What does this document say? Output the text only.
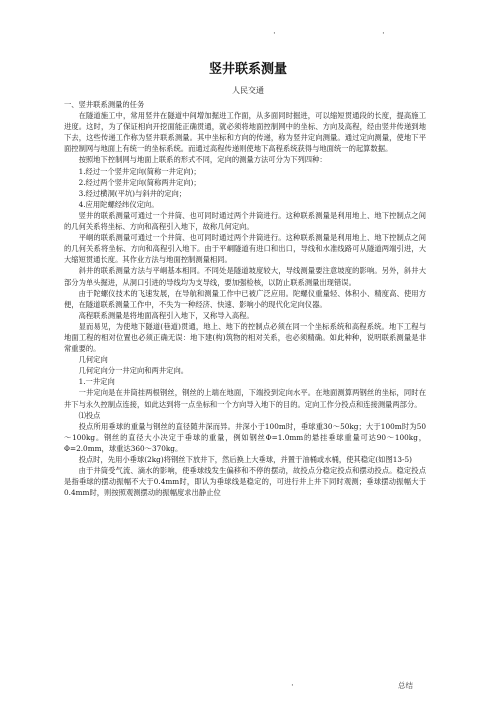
·	·
竖井联系测量
人民交通

一、竖井联系测量的任务

在隧道施工中，常用竖井在隧道中间增加掘进工作面，从多面同时掘进，可以缩短贯通段的长度，提高施工进度。这时，为了保证相向开挖面能正确贯通，就必须将地面控制网中的坐标、方向及高程，经由竖井传递到地下去，这些传递工作称为竖井联系测量。其中坐标和方向的传递，称为竖井定向测量。通过定向测量，使地下平面控制网与地面上有统一的坐标系统。而通过高程传递则使地下高程系统获得与地面统一的起算数据。

按照地下控制网与地面上联系的形式不同，定向的测量方法可分为下列四种：

1.经过一个竖井定向(简称一井定向)；

2.经过两个竖井定向(简称两井定向)；

3.经过横洞(平坑)与斜井的定向；

4.应用陀螺经纬仪定向。

竖井的联系测量可通过一个井筒、也可同时通过两个井筒进行。这种联系测量是利用地上、地下控制点之间的几何关系将坐标、方向和高程引入地下，故称几何定向。

平峒的联系测量可通过一个井筒、也可同时通过两个井筒进行。这种联系测量是利用地上、地下控制点之间的几何关系将坐标、方向和高程引入地下。由于平峒隧道有进口和出口，导线和水准线路可从隧道两端引进，大大缩短贯通长度。其作业方法与地面控制测量相同。

斜井的联系测量方法与平峒基本相同。不同处是隧道坡度较大，导线测量要注意坡度的影响。另外，斜井大部分为单头掘进，从洞口引进的导线均为支导线，要加强检核，以防止联系测量出现错误。

由于陀螺仪技术的飞速发展，在导航和测量工作中已被广泛应用。陀螺仪重量轻、体积小、精度高、使用方便，在隧道联系测量工作中，不失为一种经济、快速、影响小的现代化定向仪器。

高程联系测量是将地面高程引入地下，又称导入高程。

显而易见，为使地下隧道(巷道)贯通，地上、地下的控制点必须在同一个坐标系统和高程系统。地下工程与地面工程的相对位置也必须正确无误：地下建(构)筑物的相对关系，也必须精确。如此种种，说明联系测量是非常重要的。

几何定向

几何定向分一井定向和两井定向。

1.一井定向

一井定向是在井筒挂两根钢丝，钢丝的上端在地面，下端投到定向水平。在地面测算两钢丝的坐标，同时在井下与永久控制点连接，如此达到将一点坐标和一个方向导入地下的目的。定向工作分投点和连接测量两部分。

⑴投点

投点所用垂球的重量与钢丝的直径随井深而异。井深小于100m时，垂球重30～50kg；大于100m时为50～100kg。钢丝的直径大小决定于垂球的重量，例如钢丝Φ=1.0mm的悬挂垂球重量可达90～100kg，Φ=2.0mm，球重达360～370kg。

投点时，先用小垂球(2kg)将钢丝下放井下，然后换上大垂球，并置于油桶或水桶，使其稳定(如图13-5)

由于井筒受气流、滴水的影响，使垂球线发生偏移和不停的摆动，故投点分稳定投点和摆动投点。稳定投点是指垂球的摆动振幅不大于0.4mm时，即认为垂球线是稳定的，可进行井上井下同时观测；垂球摆动振幅大于0.4mm时，则按照观测摆动的振幅度求出静止位

·	总结
